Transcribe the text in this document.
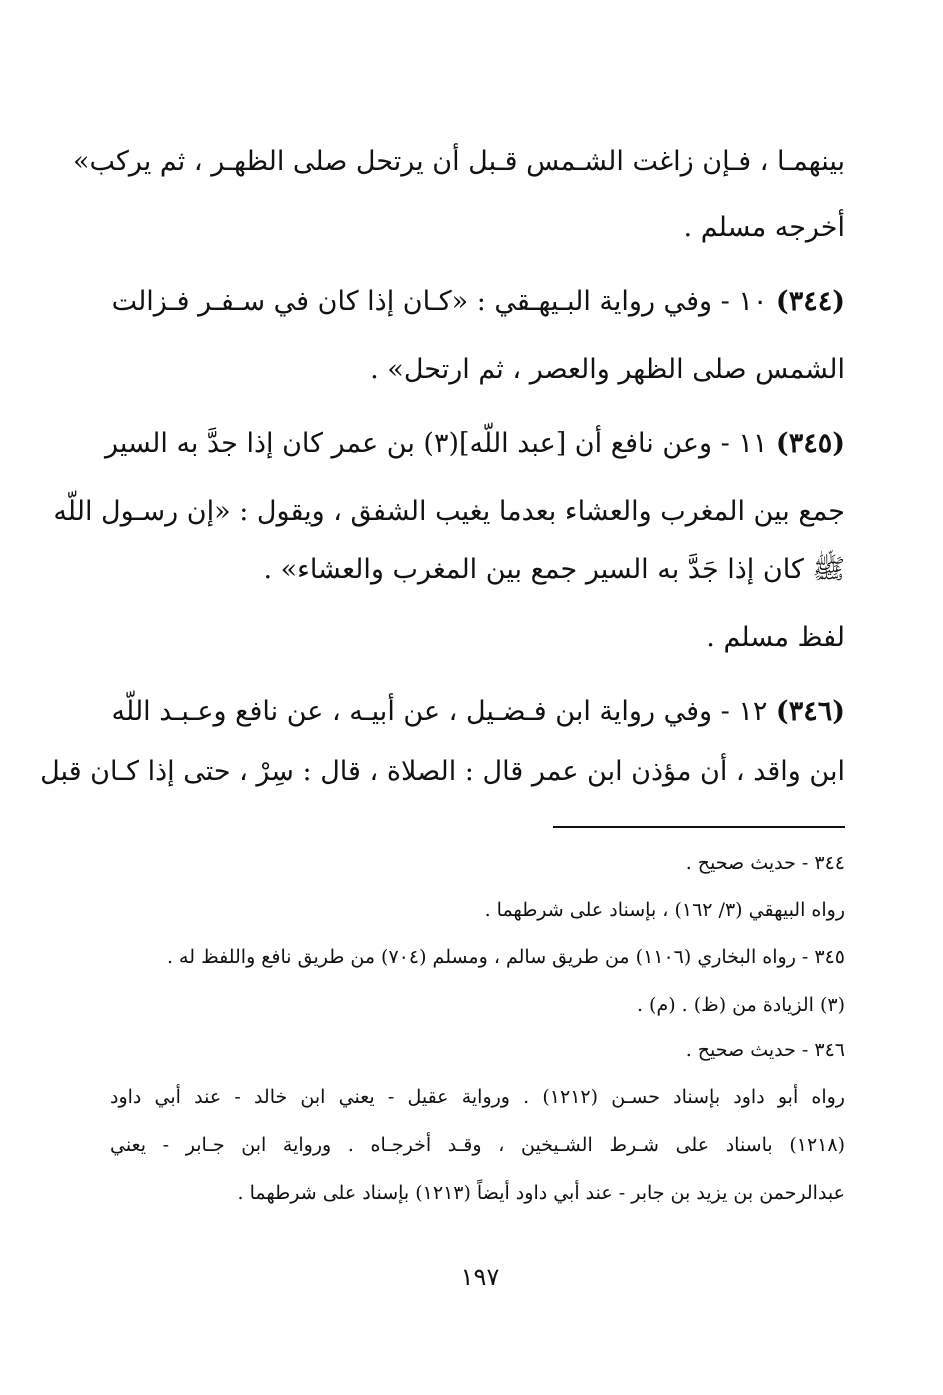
بينهمـا ، فـإن زاغت الشـمس قـبل أن يرتحل صلى الظهـر ، ثم يركب»
أخرجه مسلم .
(٣٤٤) ١٠ - وفي رواية البـيهـقي : «كـان إذا كان في سـفـر فـزالت
الشمس صلى الظهر والعصر ، ثم ارتحل» .
(٣٤٥) ١١ - وعن نافع أن [عبد اللّه](٣) بن عمر كان إذا جدَّ به السير
جمع بين المغرب والعشاء بعدما يغيب الشفق ، ويقول : «إن رسـول اللّه
ﷺ كان إذا جَدَّ به السير جمع بين المغرب والعشاء» .
لفظ مسلم .
(٣٤٦) ١٢ - وفي رواية ابن فـضـيل ، عن أبيـه ، عن نافع وعـبـد اللّه
ابن واقد ، أن مؤذن ابن عمر قال : الصلاة ، قال : سِرْ ، حتى إذا كـان قبل
٣٤٤ - حديث صحيح .
رواه البيهقي (٣/ ١٦٢) ، بإسناد على شرطهما .
٣٤٥ - رواه البخاري (١١٠٦) من طريق سالم ، ومسلم (٧٠٤) من طريق نافع واللفظ له .
(٣) الزيادة من (ظ) . (م) .
٣٤٦ - حديث صحيح .
رواه أبو داود بإسناد حسـن (١٢١٢) . ورواية عقيل - يعني ابن خالد - عند أبي داود
(١٢١٨) باسناد على شـرط الشـيخين ، وقـد أخرجـاه . ورواية ابن جـابر - يعني
عبدالرحمن بن يزيد بن جابر - عند أبي داود أيضاً (١٢١٣) بإسناد على شرطهما .
١٩٧
